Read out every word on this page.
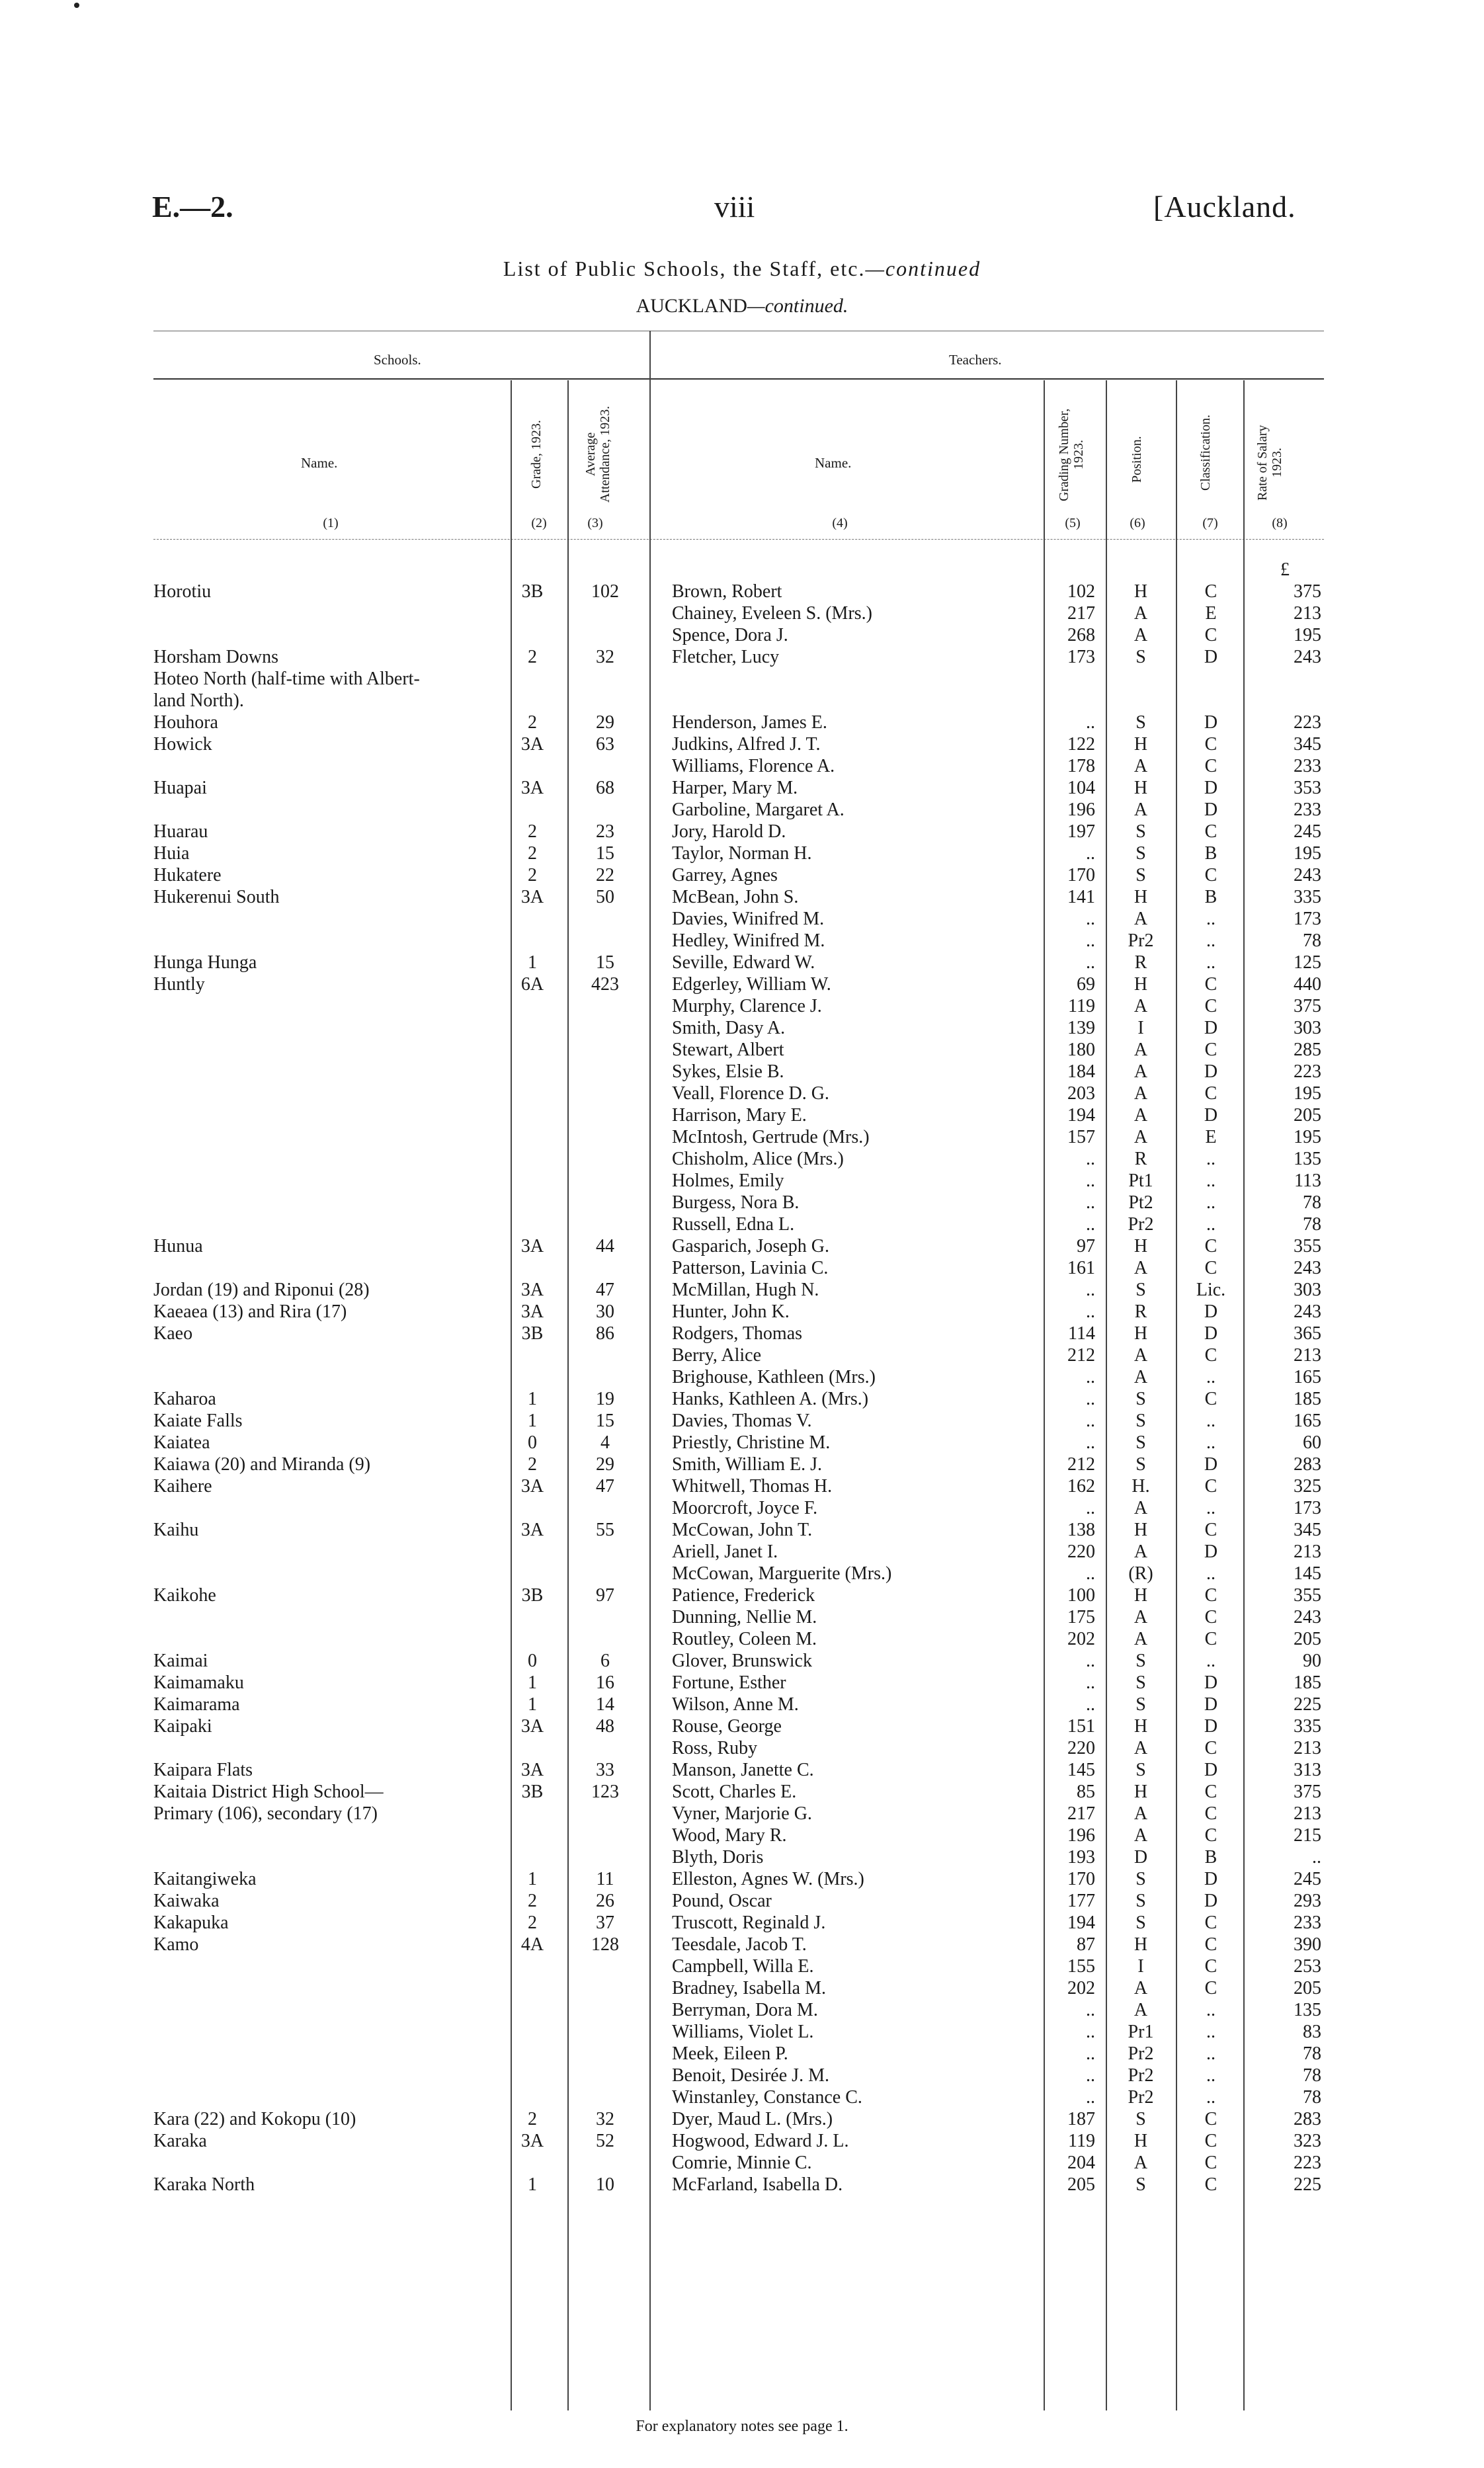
E.—2.	viii	[Auckland.
List of Public Schools, the Staff, etc.—continued
AUCKLAND—continued.
Schools.	Teachers.
Name.	Grade, 1923.	Average Attendance, 1923.	Name.	Grading Number, 1923.	Position.	Classification.	Rate of Salary 1923.
(1)	(2)	(3)	(4)	(5)	(6)	(7)	(8)
£
Horotiu	3B	102	Brown, Robert	102	H	C	375
Chainey, Eveleen S. (Mrs.)	217	A	E	213
Spence, Dora J.	268	A	C	195
Horsham Downs	2	32	Fletcher, Lucy	173	S	D	243
Hoteo North (half-time with Albert-
land North).
Houhora	2	29	Henderson, James E.	..	S	D	223
Howick	3A	63	Judkins, Alfred J. T.	122	H	C	345
Williams, Florence A.	178	A	C	233
Huapai	3A	68	Harper, Mary M.	104	H	D	353
Garboline, Margaret A.	196	A	D	233
Huarau	2	23	Jory, Harold D.	197	S	C	245
Huia	2	15	Taylor, Norman H.	..	S	B	195
Hukatere	2	22	Garrey, Agnes	170	S	C	243
Hukerenui South	3A	50	McBean, John S.	141	H	B	335
Davies, Winifred M.	..	A	..	173
Hedley, Winifred M.	..	Pr2	..	78
Hunga Hunga	1	15	Seville, Edward W.	..	R	..	125
Huntly	6A	423	Edgerley, William W.	69	H	C	440
Murphy, Clarence J.	119	A	C	375
Smith, Dasy A.	139	I	D	303
Stewart, Albert	180	A	C	285
Sykes, Elsie B.	184	A	D	223
Veall, Florence D. G.	203	A	C	195
Harrison, Mary E.	194	A	D	205
McIntosh, Gertrude (Mrs.)	157	A	E	195
Chisholm, Alice (Mrs.)	..	R	..	135
Holmes, Emily	..	Pt1	..	113
Burgess, Nora B.	..	Pt2	..	78
Russell, Edna L.	..	Pr2	..	78
Hunua	3A	44	Gasparich, Joseph G.	97	H	C	355
Patterson, Lavinia C.	161	A	C	243
Jordan (19) and Riponui (28)	3A	47	McMillan, Hugh N.	..	S	Lic.	303
Kaeaea (13) and Rira (17)	3A	30	Hunter, John K.	..	R	D	243
Kaeo	3B	86	Rodgers, Thomas	114	H	D	365
Berry, Alice	212	A	C	213
Brighouse, Kathleen (Mrs.)	..	A	..	165
Kaharoa	1	19	Hanks, Kathleen A. (Mrs.)	..	S	C	185
Kaiate Falls	1	15	Davies, Thomas V.	..	S	..	165
Kaiatea	0	4	Priestly, Christine M.	..	S	..	60
Kaiawa (20) and Miranda (9)	2	29	Smith, William E. J.	212	S	D	283
Kaihere	3A	47	Whitwell, Thomas H.	162	H.	C	325
Moorcroft, Joyce F.	..	A	..	173
Kaihu	3A	55	McCowan, John T.	138	H	C	345
Ariell, Janet I.	220	A	D	213
McCowan, Marguerite (Mrs.)	..	(R)	..	145
Kaikohe	3B	97	Patience, Frederick	100	H	C	355
Dunning, Nellie M.	175	A	C	243
Routley, Coleen M.	202	A	C	205
Kaimai	0	6	Glover, Brunswick	..	S	..	90
Kaimamaku	1	16	Fortune, Esther	..	S	D	185
Kaimarama	1	14	Wilson, Anne M.	..	S	D	225
Kaipaki	3A	48	Rouse, George	151	H	D	335
Ross, Ruby	220	A	C	213
Kaipara Flats	3A	33	Manson, Janette C.	145	S	D	313
Kaitaia District High School—	3B	123	Scott, Charles E.	85	H	C	375
Primary (106), secondary (17)	Vyner, Marjorie G.	217	A	C	213
Wood, Mary R.	196	A	C	215
Blyth, Doris	193	D	B	..
Kaitangiweka	1	11	Elleston, Agnes W. (Mrs.)	170	S	D	245
Kaiwaka	2	26	Pound, Oscar	177	S	D	293
Kakapuka	2	37	Truscott, Reginald J.	194	S	C	233
Kamo	4A	128	Teesdale, Jacob T.	87	H	C	390
Campbell, Willa E.	155	I	C	253
Bradney, Isabella M.	202	A	C	205
Berryman, Dora M.	..	A	..	135
Williams, Violet L.	..	Pr1	..	83
Meek, Eileen P.	..	Pr2	..	78
Benoit, Desirée J. M.	..	Pr2	..	78
Winstanley, Constance C.	..	Pr2	..	78
Kara (22) and Kokopu (10)	2	32	Dyer, Maud L. (Mrs.)	187	S	C	283
Karaka	3A	52	Hogwood, Edward J. L.	119	H	C	323
Comrie, Minnie C.	204	A	C	223
Karaka North	1	10	McFarland, Isabella D.	205	S	C	225
For explanatory notes see page 1.
